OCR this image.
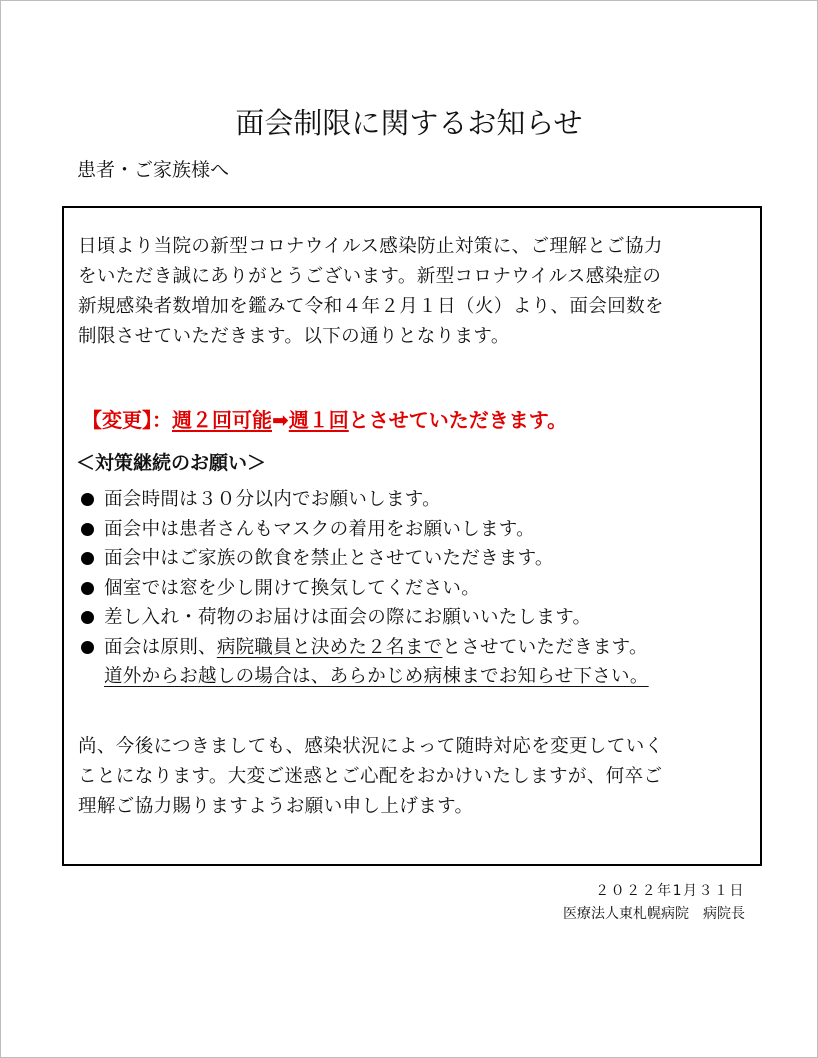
面会制限に関するお知らせ
患者・ご家族様へ
日頃より当院の新型コロナウイルス感染防止対策に、ご理解とご協力
をいただき誠にありがとうございます。新型コロナウイルス感染症の
新規感染者数増加を鑑みて令和４年２月１日（火）より、面会回数を
制限させていただきます。以下の通りとなります。
【変更】：週２回可能➡週１回とさせていただきます。
＜対策継続のお願い＞
面会時間は３０分以内でお願いします。
面会中は患者さんもマスクの着用をお願いします。
面会中はご家族の飲食を禁止とさせていただきます。
個室では窓を少し開けて換気してください。
差し入れ・荷物のお届けは面会の際にお願いいたします。
面会は原則、病院職員と決めた２名までとさせていただきます。
道外からお越しの場合は、あらかじめ病棟までお知らせ下さい。
尚、今後につきましても、感染状況によって随時対応を変更していく
ことになります。大変ご迷惑とご心配をおかけいたしますが、何卒ご
理解ご協力賜りますようお願い申し上げます。
２０２２年1月３１日
医療法人東札幌病院　病院長
